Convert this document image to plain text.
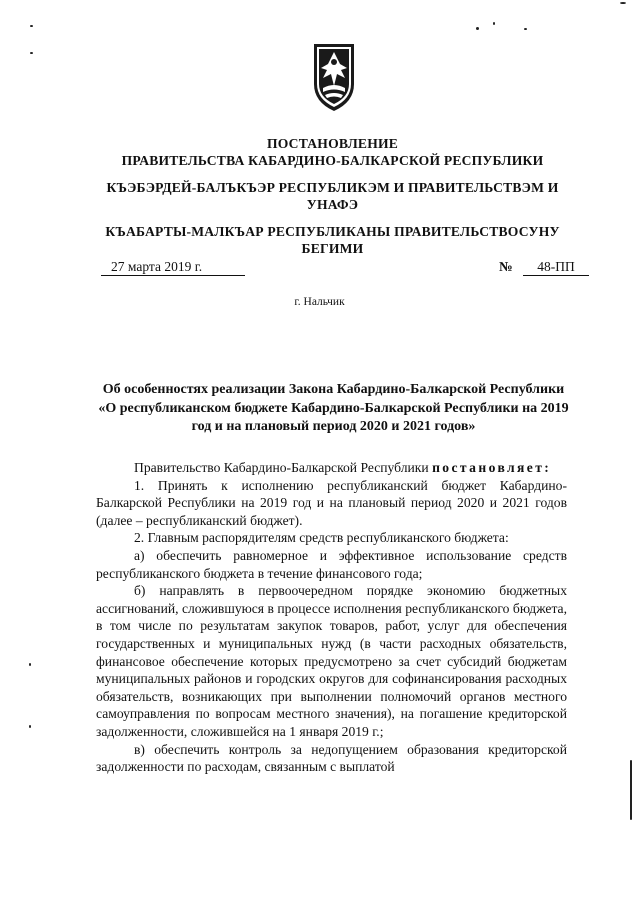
ПОСТАНОВЛЕНИЕ
ПРАВИТЕЛЬСТВА КАБАРДИНО-БАЛКАРСКОЙ РЕСПУБЛИКИ
КЪЭБЭРДЕЙ-БАЛЪКЪЭР РЕСПУБЛИКЭМ И ПРАВИТЕЛЬСТВЭМ И УНАФЭ
КЪАБАРТЫ-МАЛКЪАР РЕСПУБЛИКАНЫ ПРАВИТЕЛЬСТВОСУНУ БЕГИМИ
27 марта 2019 г.	№	48-ПП
г. Нальчик
Об особенностях реализации Закона Кабардино-Балкарской Республики «О республиканском бюджете Кабардино-Балкарской Республики на 2019 год и на плановый период 2020 и 2021 годов»

Правительство Кабардино-Балкарской Республики постановляет:

1. Принять к исполнению республиканский бюджет Кабардино-Балкарской Республики на 2019 год и на плановый период 2020 и 2021 годов (далее – республиканский бюджет).

2. Главным распорядителям средств республиканского бюджета:

а) обеспечить равномерное и эффективное использование средств республиканского бюджета в течение финансового года;

б) направлять в первоочередном порядке экономию бюджетных ассигнований, сложившуюся в процессе исполнения республиканского бюджета, в том числе по результатам закупок товаров, работ, услуг для обеспечения государственных и муниципальных нужд (в части расходных обязательств, финансовое обеспечение которых предусмотрено за счет субсидий бюджетам муниципальных районов и городских округов для софинансирования расходных обязательств, возникающих при выполнении полномочий органов местного самоуправления по вопросам местного значения), на погашение кредиторской задолженности, сложившейся на 1 января 2019 г.;

в) обеспечить контроль за недопущением образования кредиторской задолженности по расходам, связанным с выплатой
